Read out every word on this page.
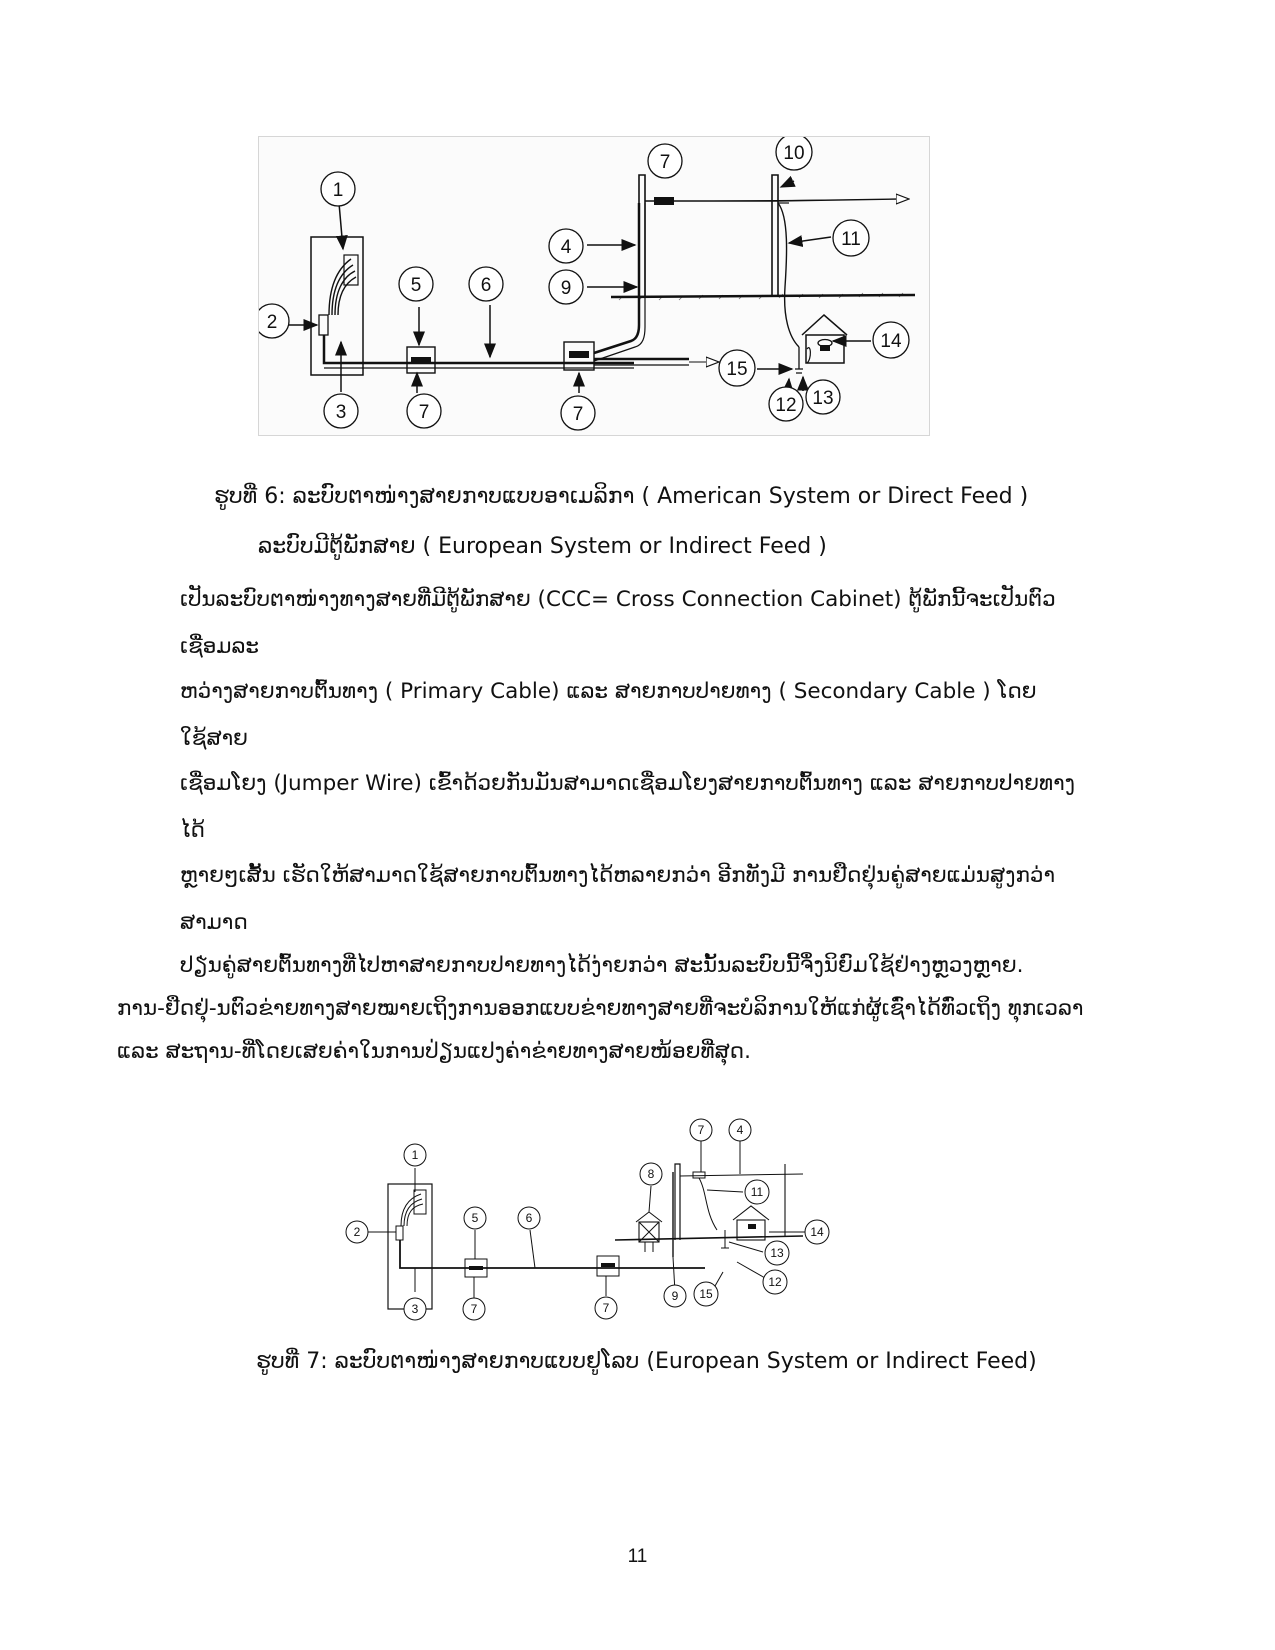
1
2
3
5	6
7	7
7
4
9
10
11
14
15
12 13
ຮູບທີ່ 6: ລະບົບຕາໜ່າງສາຍກາບແບບອາເມລິກາ ( American System or Direct Feed )
ລະບົບມີຕູ້ພັກສາຍ ( European System or Indirect Feed )
ເປັນລະບົບຕາໜ່າງທາງສາຍທີ່ມີຕູ້ພັກສາຍ (CCC= Cross Connection Cabinet) ຕູ້ພັກນີ້ຈະເປັນຕົວ
ເຊື່ອມລະ
ຫວ່າງສາຍກາບຕົ້ນທາງ ( Primary Cable) ແລະ ສາຍກາບປາຍທາງ ( Secondary Cable ) ໂດຍ
ໃຊ້ສາຍ
ເຊື່ອມໂຍງ (Jumper Wire) ເຂົ້າດ້ວຍກັນມັນສາມາດເຊື່ອມໂຍງສາຍກາບຕົ້ນທາງ ແລະ ສາຍກາບປາຍທາງ
ໄດ້
ຫຼາຍໆເສັ້ນ ເຮັດໃຫ້ສາມາດໃຊ້ສາຍກາບຕົ້ນທາງໄດ້ຫລາຍກວ່າ ອີກທັງມີ ການຢືດຢຸ່ນຄູ່ສາຍແມ່ນສູງກວ່າ
ສາມາດ
ປຽ່ນຄູ່ສາຍຕົ້ນທາງທີ່ໄປຫາສາຍກາບປາຍທາງໄດ້ງ່າຍກວ່າ ສະນັ້ນລະບົບນີ້ຈຶ່ງນິຍົມໃຊ້ຢ່າງຫຼວງຫຼາຍ.
ການ-ຢືດຢຸ່-ນຕົວຂ່າຍທາງສາຍໝາຍເຖິງການອອກແບບຂ່າຍທາງສາຍທີ່ຈະບໍລິການໃຫ້ແກ່ຜູ້ເຊົ່າໄດ້ທົ່ວເຖິງ ທຸກເວລາ
ແລະ ສະຖານ-ທີ່ໂດຍເສຍຄ່າໃນການປ່ຽນແປງຄ່າຂ່າຍທາງສາຍໜ້ອຍທີ່ສຸດ.
1
2
3
5	6
7	7
8
7	4
11
9 15
14
13
12
ຮູບທີ່ 7: ລະບົບຕາໜ່າງສາຍກາບແບບຢູໂລບ (European System or Indirect Feed)
11
